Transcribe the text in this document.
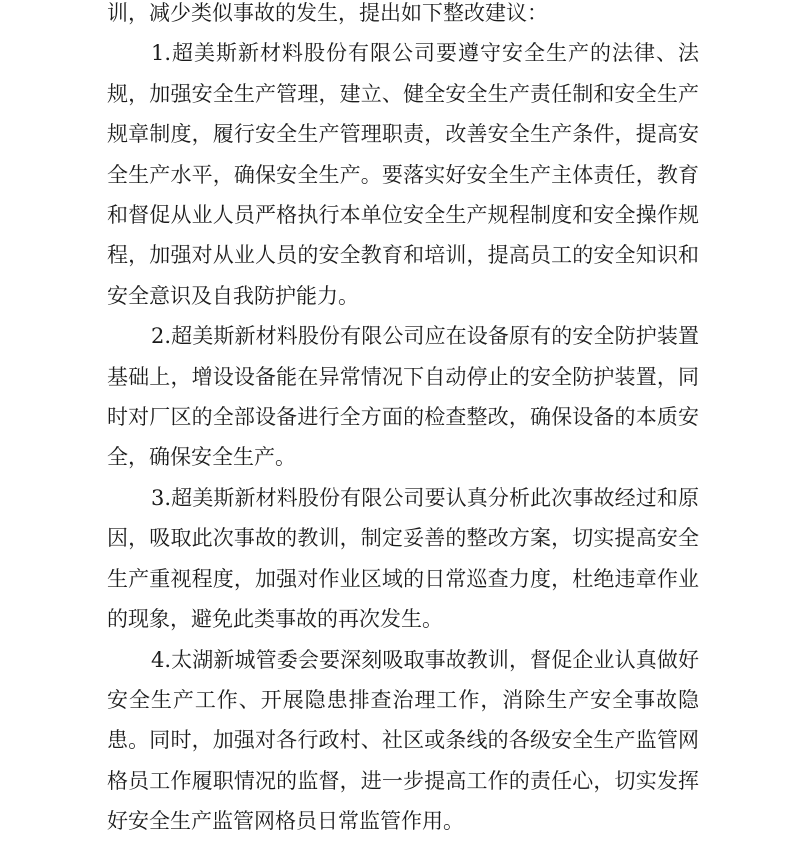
训，减少类似事故的发生，提出如下整改建议：

1.超美斯新材料股份有限公司要遵守安全生产的法律、法规，加强安全生产管理，建立、健全安全生产责任制和安全生产规章制度，履行安全生产管理职责，改善安全生产条件，提高安全生产水平，确保安全生产。要落实好安全生产主体责任，教育和督促从业人员严格执行本单位安全生产规程制度和安全操作规程，加强对从业人员的安全教育和培训，提高员工的安全知识和安全意识及自我防护能力。

2.超美斯新材料股份有限公司应在设备原有的安全防护装置基础上，增设设备能在异常情况下自动停止的安全防护装置，同时对厂区的全部设备进行全方面的检查整改，确保设备的本质安全，确保安全生产。

3.超美斯新材料股份有限公司要认真分析此次事故经过和原因，吸取此次事故的教训，制定妥善的整改方案，切实提高安全生产重视程度，加强对作业区域的日常巡查力度，杜绝违章作业的现象，避免此类事故的再次发生。

4.太湖新城管委会要深刻吸取事故教训，督促企业认真做好安全生产工作、开展隐患排查治理工作，消除生产安全事故隐患。同时，加强对各行政村、社区或条线的各级安全生产监管网格员工作履职情况的监督，进一步提高工作的责任心，切实发挥好安全生产监管网格员日常监管作用。
